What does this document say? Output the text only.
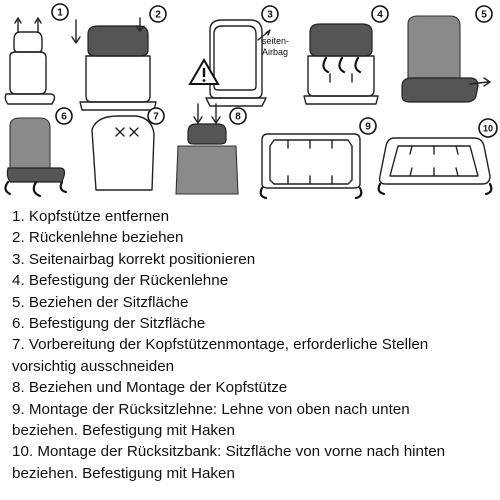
seiten-
Airbag
1	2	3	4	5
6	7	8
9	10
1. Kopfstütze entfernen
2. Rückenlehne beziehen
3. Seitenairbag korrekt positionieren
4. Befestigung der Rückenlehne
5. Beziehen der Sitzfläche
6. Befestigung der Sitzfläche
7. Vorbereitung der Kopfstützenmontage, erforderliche Stellen
vorsichtig ausschneiden
8. Beziehen und Montage der Kopfstütze
9. Montage der Rücksitzlehne: Lehne von oben nach unten
beziehen. Befestigung mit Haken
10. Montage der Rücksitzbank: Sitzfläche von vorne nach hinten
beziehen. Befestigung mit Haken
